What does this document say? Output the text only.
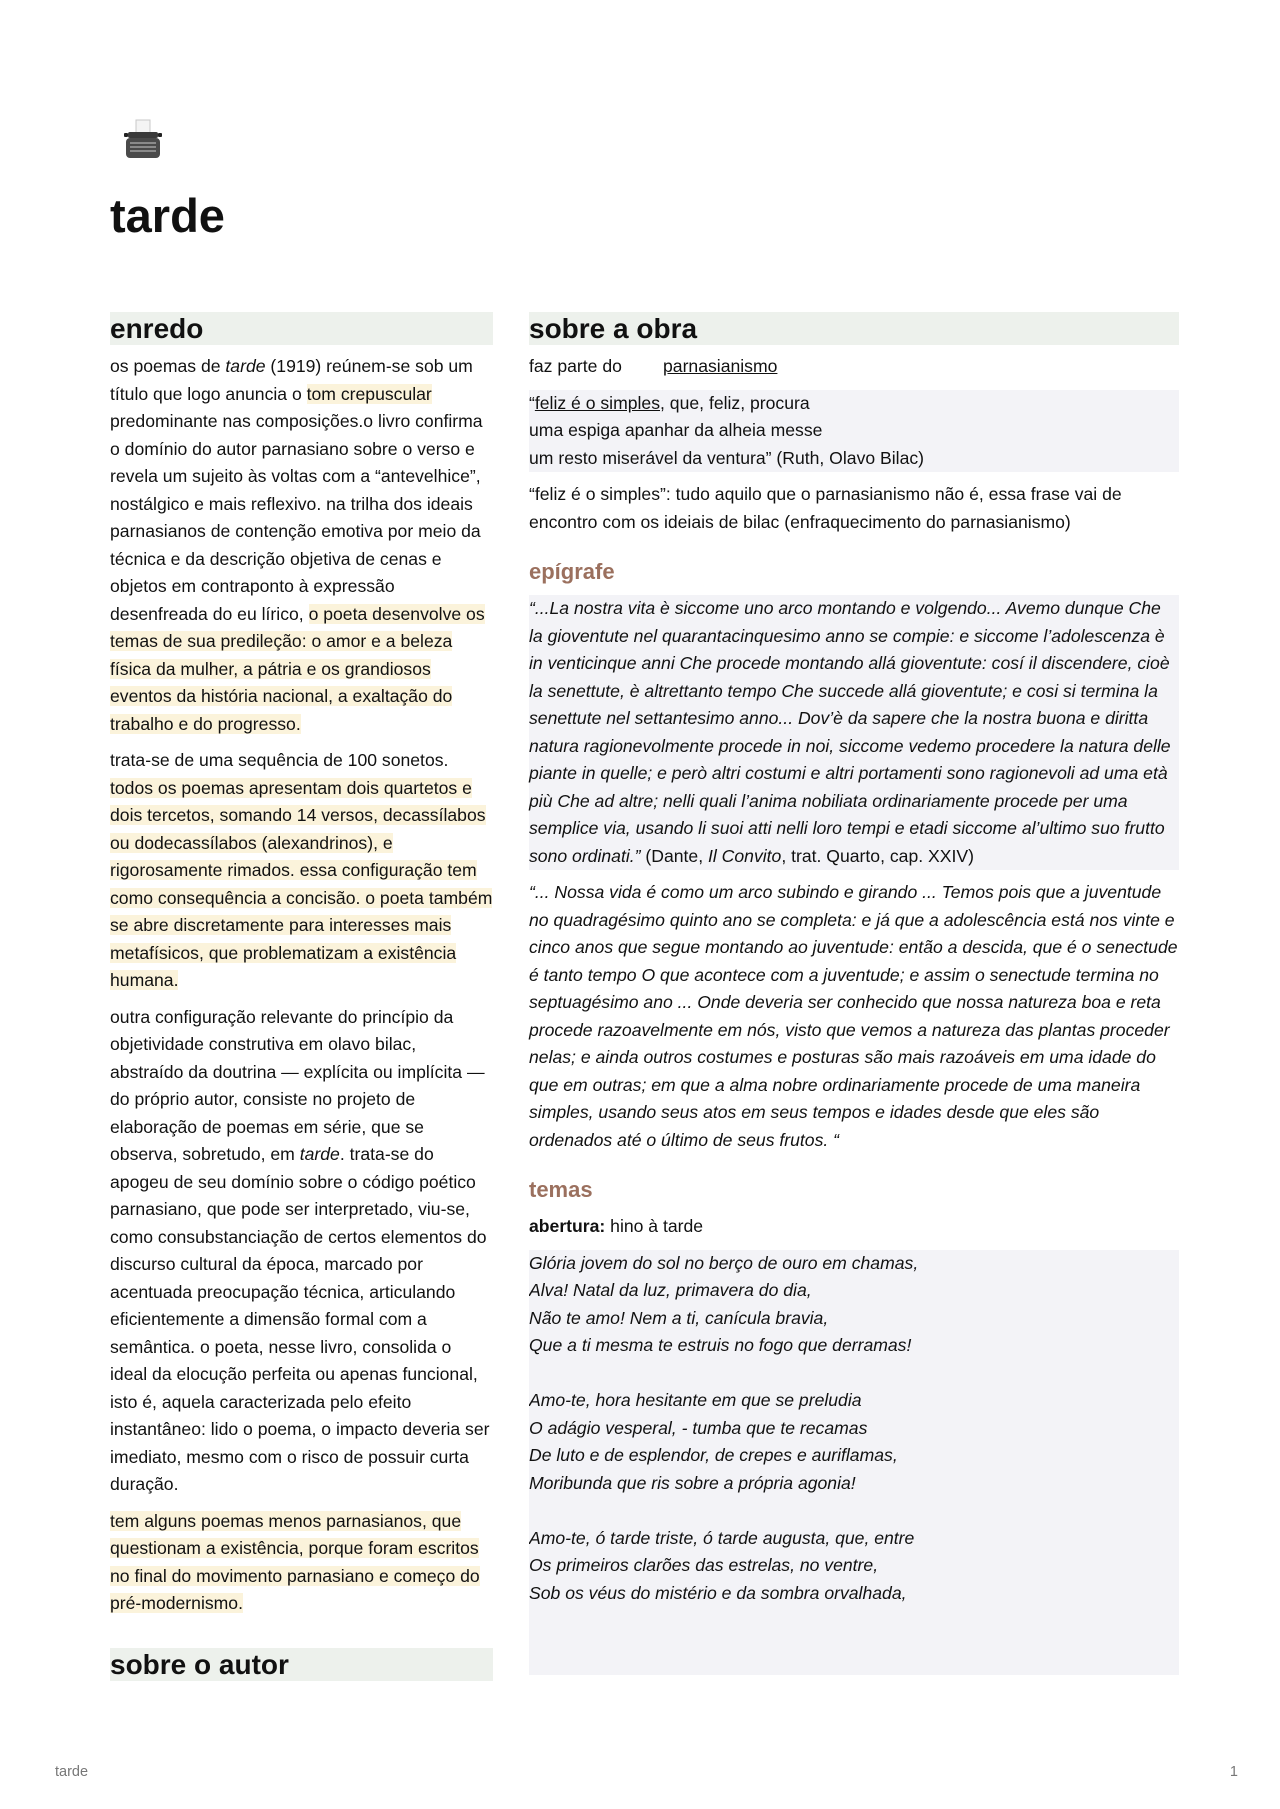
tarde
enredo

os poemas de tarde (1919) reúnem-se sob um título que logo anuncia o tom crepuscular predominante nas composições.o livro confirma o domínio do autor parnasiano sobre o verso e revela um sujeito às voltas com a “antevelhice”, nostálgico e mais reflexivo. na trilha dos ideais parnasianos de contenção emotiva por meio da técnica e da descrição objetiva de cenas e objetos em contraponto à expressão desenfreada do eu lírico, o poeta desenvolve os temas de sua predileção: o amor e a beleza física da mulher, a pátria e os grandiosos eventos da história nacional, a exaltação do trabalho e do progresso.

trata-se de uma sequência de 100 sonetos. todos os poemas apresentam dois quartetos e dois tercetos, somando 14 versos, decassílabos ou dodecassílabos (alexandrinos), e rigorosamente rimados. essa configuração tem como consequência a concisão. o poeta também se abre discretamente para interesses mais metafísicos, que problematizam a existência humana.

outra configuração relevante do princípio da objetividade construtiva em olavo bilac, abstraído da doutrina — explícita ou implícita — do próprio autor, consiste no projeto de elaboração de poemas em série, que se observa, sobretudo, em tarde. trata-se do apogeu de seu domínio sobre o código poético parnasiano, que pode ser interpretado, viu-se, como consubstanciação de certos elementos do discurso cultural da época, marcado por acentuada preocupação técnica, articulando eficientemente a dimensão formal com a semântica. o poeta, nesse livro, consolida o ideal da elocução perfeita ou apenas funcional, isto é, aquela caracterizada pelo efeito instantâneo: lido o poema, o impacto deveria ser imediato, mesmo com o risco de possuir curta duração.

tem alguns poemas menos parnasianos, que questionam a existência, porque foram escritos no final do movimento parnasiano e começo do pré-modernismo.

sobre o autor
sobre a obra
faz parte do	parnasianismo

“feliz é o simples, que, feliz, procura

uma espiga apanhar da alheia messe

um resto miserável da ventura” (Ruth, Olavo Bilac)

“feliz é o simples”: tudo aquilo que o parnasianismo não é, essa frase vai de encontro com os ideiais de bilac (enfraquecimento do parnasianismo)

epígrafe

“...La nostra vita è siccome uno arco montando e volgendo... Avemo dunque Che la gioventute nel quarantacinquesimo anno se compie: e siccome l’adolescenza è in venticinque anni Che procede montando allá gioventute: cosí il discendere, cioè la senettute, è altrettanto tempo Che succede allá gioventute; e cosi si termina la senettute nel settantesimo anno... Dov’è da sapere che la nostra buona e diritta natura ragionevolmente procede in noi, siccome vedemo procedere la natura delle piante in quelle; e però altri costumi e altri portamenti sono ragionevoli ad uma età più Che ad altre; nelli quali l’anima nobiliata ordinariamente procede per uma semplice via, usando li suoi atti nelli loro tempi e etadi siccome al’ultimo suo frutto sono ordinati.” (Dante, Il Convito, trat. Quarto, cap. XXIV)

“... Nossa vida é como um arco subindo e girando ... Temos pois que a juventude no quadragésimo quinto ano se completa: e já que a adolescência está nos vinte e cinco anos que segue montando ao juventude: então a descida, que é o senectude é tanto tempo O que acontece com a juventude; e assim o senectude termina no septuagésimo ano ... Onde deveria ser conhecido que nossa natureza boa e reta procede razoavelmente em nós, visto que vemos a natureza das plantas proceder nelas; e ainda outros costumes e posturas são mais razoáveis em uma idade do que em outras; em que a alma nobre ordinariamente procede de uma maneira simples, usando seus atos em seus tempos e idades desde que eles são ordenados até o último de seus frutos. “

temas

abertura: hino à tarde

Glória jovem do sol no berço de ouro em chamas,
Alva! Natal da luz, primavera do dia,
Não te amo! Nem a ti, canícula bravia,
Que a ti mesma te estruis no fogo que derramas!
Amo-te, hora hesitante em que se preludia
O adágio vesperal, - tumba que te recamas
De luto e de esplendor, de crepes e auriflamas,
Moribunda que ris sobre a própria agonia!
Amo-te, ó tarde triste, ó tarde augusta, que, entre
Os primeiros clarões das estrelas, no ventre,
Sob os véus do mistério e da sombra orvalhada,
tarde	1
